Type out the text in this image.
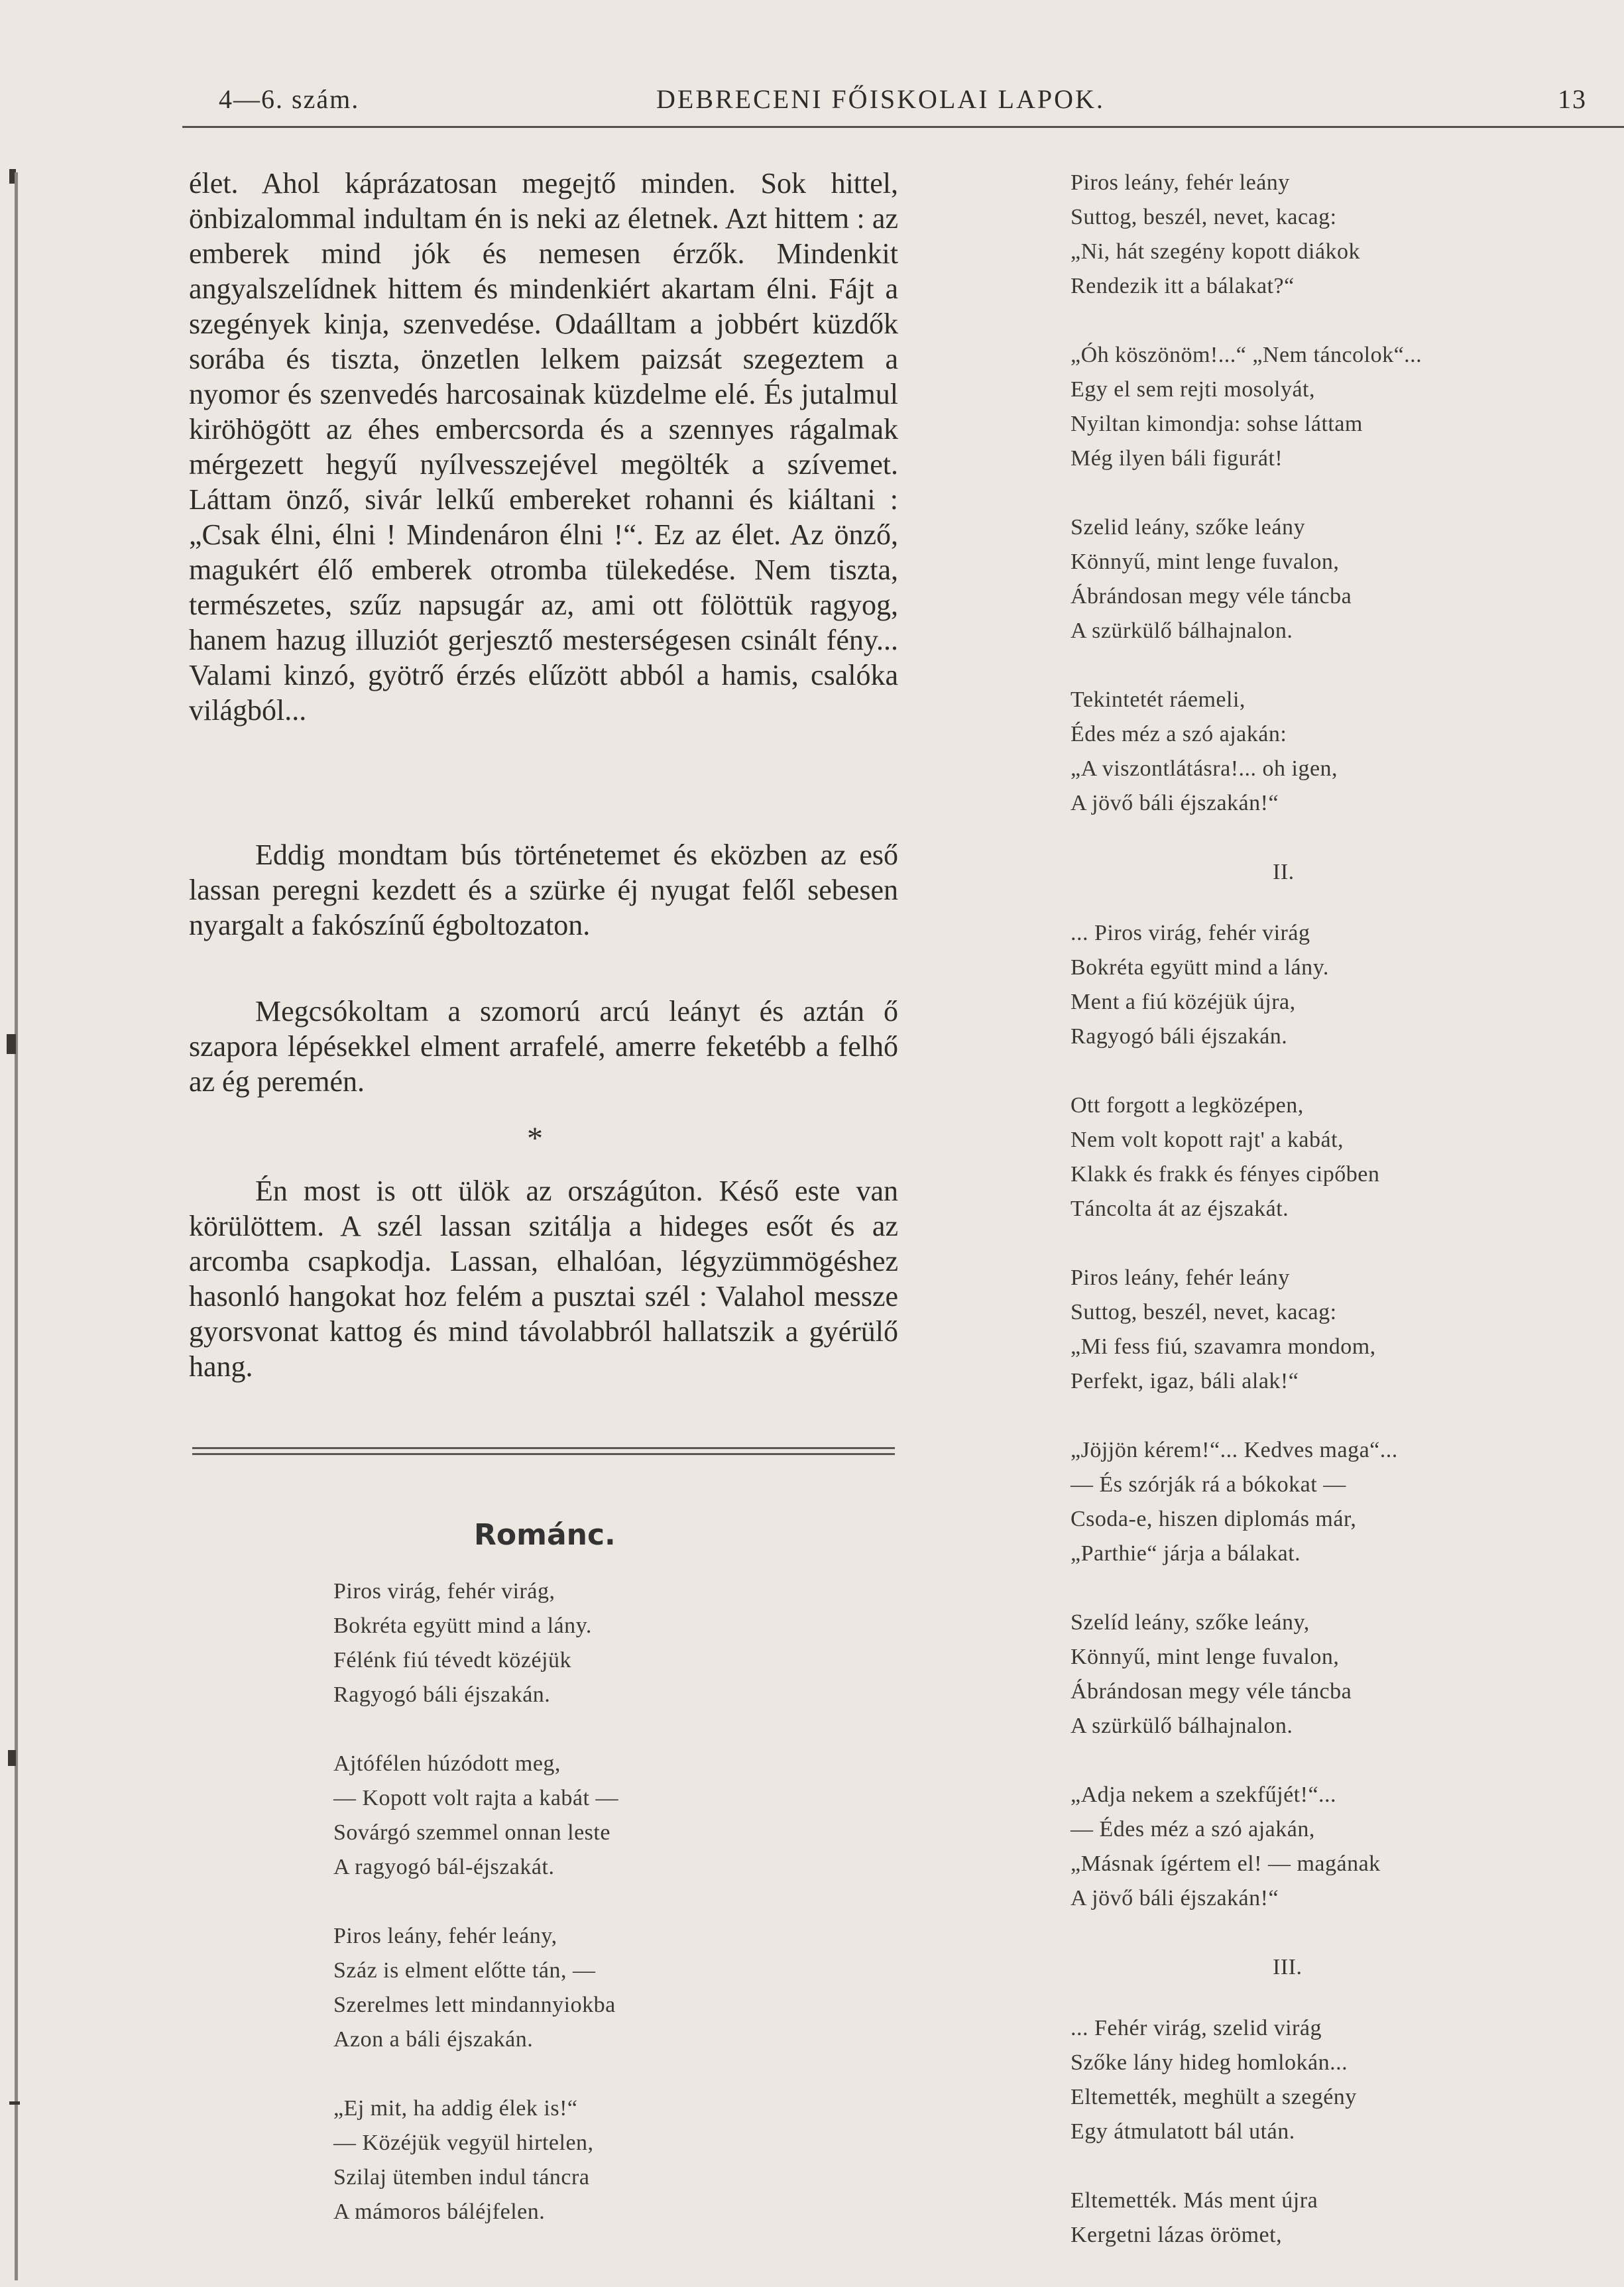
4—6. szám.	DEBRECENI FŐISKOLAI LAPOK.	13

élet. Ahol káprázatosan megejtő minden. Sok hittel, önbizalommal indultam én is neki az életnek. Azt hittem : az emberek mind jók és nemesen érzők. Mindenkit angyalszelídnek hittem és mindenkiért akartam élni. Fájt a szegények kinja, szenvedése. Odaálltam a jobbért küzdők sorába és tiszta, önzetlen lelkem paizsát szegeztem a nyomor és szenvedés harcosainak küzdelme elé. És jutalmul kiröhögött az éhes embercsorda és a szennyes rágalmak mérgezett hegyű nyílvesszejével megölték a szívemet. Láttam önző, sivár lelkű embereket rohanni és kiáltani : „Csak élni, élni ! Mindenáron élni !“. Ez az élet. Az önző, magukért élő emberek otromba tülekedése. Nem tiszta, természetes, szűz napsugár az, ami ott fölöttük ragyog, hanem hazug illuziót gerjesztő mesterségesen csinált fény... Valami kinzó, gyötrő érzés elűzött abból a hamis, csalóka világból...

Eddig mondtam bús történetemet és eközben az eső lassan peregni kezdett és a szürke éj nyugat felől sebesen nyargalt a fakószínű égboltozaton.

Megcsókoltam a szomorú arcú leányt és aztán ő szapora lépésekkel elment arrafelé, amerre feketébb a felhő az ég peremén.

*

Én most is ott ülök az országúton. Késő este van körülöttem. A szél lassan szitálja a hideges esőt és az arcomba csapkodja. Lassan, elhalóan, légyzümmögéshez hasonló hangokat hoz felém a pusztai szél : Valahol messze gyorsvonat kattog és mind távolabbról hallatszik a gyérülő hang.

Románc.
Piros virág, fehér virág,
Bokréta együtt mind a lány.
Félénk fiú tévedt közéjük
Ragyogó báli éjszakán.
Ajtófélen húzódott meg,
— Kopott volt rajta a kabát —
Sovárgó szemmel onnan leste
A ragyogó bál-éjszakát.
Piros leány, fehér leány,
Száz is elment előtte tán, —
Szerelmes lett mindannyiokba
Azon a báli éjszakán.
„Ej mit, ha addig élek is!“
— Közéjük vegyül hirtelen,
Szilaj ütemben indul táncra
A mámoros báléjfelen.
Piros leány, fehér leány
Suttog, beszél, nevet, kacag:
„Ni, hát szegény kopott diákok
Rendezik itt a bálakat?“
„Óh köszönöm!...“ „Nem táncolok“...
Egy el sem rejti mosolyát,
Nyiltan kimondja: sohse láttam
Még ilyen báli figurát!
Szelid leány, szőke leány
Könnyű, mint lenge fuvalon,
Ábrándosan megy véle táncba
A szürkülő bálhajnalon.
Tekintetét ráemeli,
Édes méz a szó ajakán:
„A viszontlátásra!... oh igen,
A jövő báli éjszakán!“
II.
... Piros virág, fehér virág
Bokréta együtt mind a lány.
Ment a fiú közéjük újra,
Ragyogó báli éjszakán.
Ott forgott a legközépen,
Nem volt kopott rajt' a kabát,
Klakk és frakk és fényes cipőben
Táncolta át az éjszakát.
Piros leány, fehér leány
Suttog, beszél, nevet, kacag:
„Mi fess fiú, szavamra mondom,
Perfekt, igaz, báli alak!“
„Jöjjön kérem!“... Kedves maga“...
— És szórják rá a bókokat —
Csoda-e, hiszen diplomás már,
„Parthie“ járja a bálakat.
Szelíd leány, szőke leány,
Könnyű, mint lenge fuvalon,
Ábrándosan megy véle táncba
A szürkülő bálhajnalon.
„Adja nekem a szekfűjét!“...
— Édes méz a szó ajakán,
„Másnak ígértem el! — magának
A jövő báli éjszakán!“
III.
... Fehér virág, szelid virág
Szőke lány hideg homlokán...
Eltemették, meghült a szegény
Egy átmulatott bál után.
Eltemették. Más ment újra
Kergetni lázas örömet,
